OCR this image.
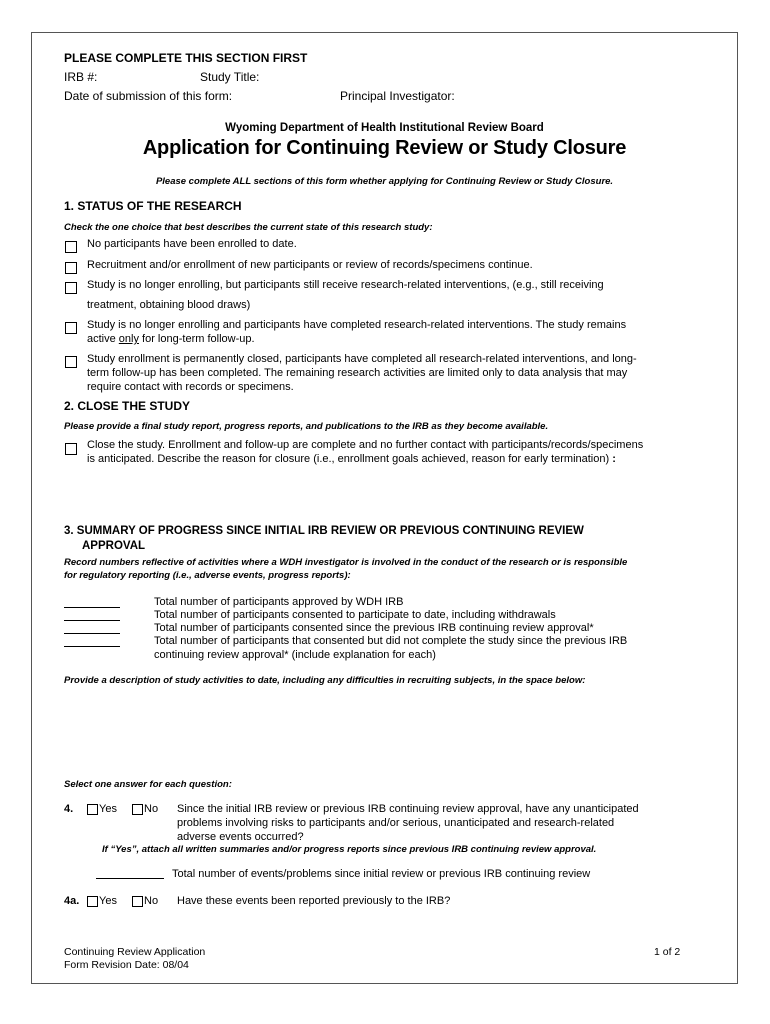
PLEASE COMPLETE THIS SECTION FIRST
IRB #:	Study Title:
Date of submission of this form:	Principal Investigator:
Wyoming Department of Health Institutional Review Board
Application for Continuing Review or Study Closure
Please complete ALL sections of this form whether applying for Continuing Review or Study Closure.
1. STATUS OF THE RESEARCH
Check the one choice that best describes the current state of this research study:
No participants have been enrolled to date.
Recruitment and/or enrollment of new participants or review of records/specimens continue.
Study is no longer enrolling, but participants still receive research-related interventions, (e.g., still receiving
treatment, obtaining blood draws)
Study is no longer enrolling and participants have completed research-related interventions. The study remains
active only for long-term follow-up.
Study enrollment is permanently closed, participants have completed all research-related interventions, and long-
term follow-up has been completed. The remaining research activities are limited only to data analysis that may
require contact with records or specimens.
2. CLOSE THE STUDY
Please provide a final study report, progress reports, and publications to the IRB as they become available.
Close the study. Enrollment and follow-up are complete and no further contact with participants/records/specimens
is anticipated. Describe the reason for closure (i.e., enrollment goals achieved, reason for early termination) :
3. SUMMARY OF PROGRESS SINCE INITIAL IRB REVIEW OR PREVIOUS CONTINUING REVIEW
APPROVAL
Record numbers reflective of activities where a WDH investigator is involved in the conduct of the research or is responsible
for regulatory reporting (i.e., adverse events, progress reports):
Total number of participants approved by WDH IRB
Total number of participants consented to participate to date, including withdrawals
Total number of participants consented since the previous IRB continuing review approval*
Total number of participants that consented but did not complete the study since the previous IRB
continuing review approval* (include explanation for each)
Provide a description of study activities to date, including any difficulties in recruiting subjects, in the space below:
Select one answer for each question:
4. Yes No Since the initial IRB review or previous IRB continuing review approval, have any unanticipated
problems involving risks to participants and/or serious, unanticipated and research-related
adverse events occurred?
If “Yes”, attach all written summaries and/or progress reports since previous IRB continuing review approval.
Total number of events/problems since initial review or previous IRB continuing review
4a. Yes No Have these events been reported previously to the IRB?
Continuing Review Application
Form Revision Date: 08/04
1 of 2
